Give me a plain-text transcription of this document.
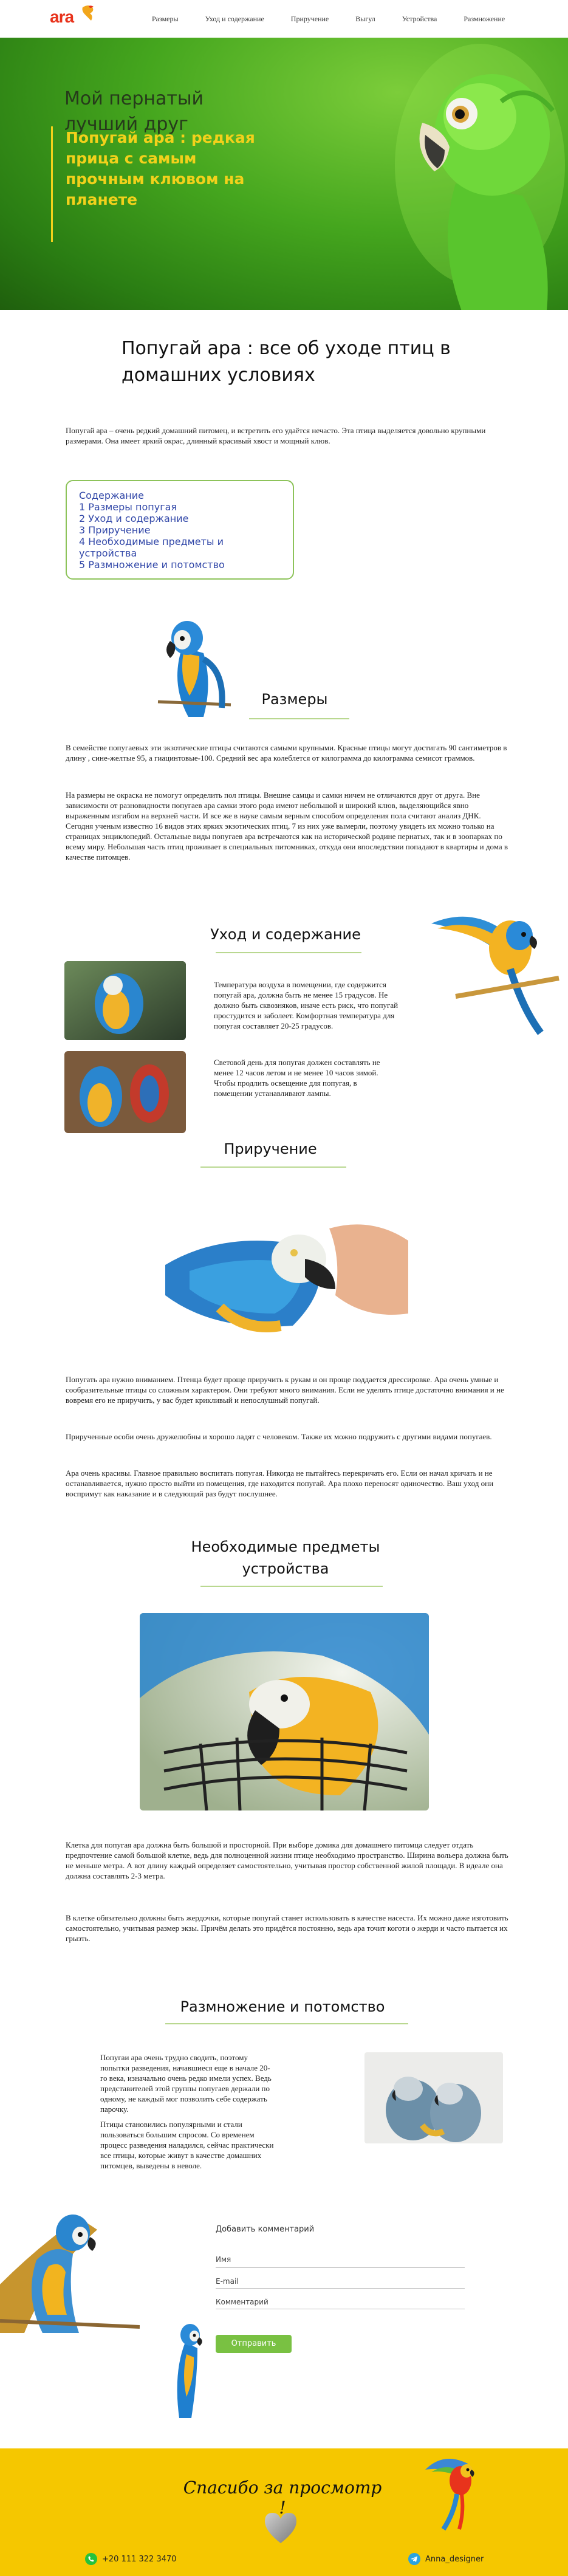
ara	Размеры	Уход и содержание	Приручение	Выгул	Устройства	Размножение
Мой пернатый лучший друг
Попугай ара : редкая прица с самым прочным клювом на планете
Попугай ара : все об уходе птиц в домашних условиях

Попугай ара – очень редкий домашний питомец, и встретить его удаётся нечасто. Эта птица выделяется довольно крупными размерами. Она имеет яркий окрас, длинный красивый хвост и мощный клюв.

Содержание
1 Размеры попугая
2 Уход и содержание
3 Приручение
4 Необходимые предметы и устройства
5 Размножение и потомство
Размеры

В семействе попугаевых эти экзотические птицы считаются самыми крупными. Красные птицы могут достигать 90 сантиметров в длину , сине-желтые 95, а гиацинтовые-100. Средний вес ара колеблется от килограмма до килограмма семисот граммов.

На размеры не окраска не помогут определить пол птицы. Внешне самцы и самки ничем не отличаются друг от друга. Вне зависимости от разновидности попугаев ара самки этого рода имеют небольшой и широкий клюв, выделяющийся явно выраженным изгибом на верхней части. И все же в науке самым верным способом определения пола считают анализ ДНК. Сегодня ученым известно 16 видов этих ярких экзотических птиц, 7 из них уже вымерли, поэтому увидеть их можно только на страницах энциклопедий. Остальные виды попугаев ара встречаются как на исторической родине пернатых, так и в зоопарках по всему миру. Небольшая часть птиц проживает в специальных питомниках, откуда они впоследствии попадают в квартиры и дома в качестве питомцев.

Уход и содержание

Температура воздуха в помещении, где содержится попугай ара, должна быть не менее 15 градусов. Не должно быть сквозняков, иначе есть риск, что попугай простудится и заболеет. Комфортная температура для попугая составляет 20-25 градусов.

Световой день для попугая должен составлять не менее 12 часов летом и не менее 10 часов зимой. Чтобы продлить освещение для попугая, в помещении устанавливают лампы.

Приручение

Попугать ара нужно вниманием. Птенца будет проще приручить к рукам и он проще поддается дрессировке. Ара очень умные и сообразительные птицы со сложным характером. Они требуют много внимания. Если не уделять птице достаточно внимания и не вовремя его не приручить, у вас будет крикливый и непослушный попугай.

Прирученные особи очень дружелюбны и хорошо ладят с человеком. Также их можно подружить с другими видами попугаев.

Ара очень красивы. Главное правильно воспитать попугая. Никогда не пытайтесь перекричать его. Если он начал кричать и не останавливается, нужно просто выйти из помещения, где находится попугай. Ара плохо переносят одиночество. Ваш уход они воспримут как наказание и в следующий раз будут послушнее.

Необходимые предметы устройства

Клетка для попугая ара должна быть большой и просторной. При выборе домика для домашнего питомца следует отдать предпочтение самой большой клетке, ведь для полноценной жизни птице необходимо пространство. Ширина вольера должна быть не меньше метра. А вот длину каждый определяет самостоятельно, учитывая простор собственной жилой площади. В идеале она должна составлять 2-3 метра.

В клетке обязательно должны быть жердочки, которые попугай станет использовать в качестве насеста. Их можно даже изготовить самостоятельно, учитывая размер экзы. Причём делать это придётся постоянно, ведь ара точит коготи о жерди и часто пытается их грызть.

Размножение и потомство

Попугаи ара очень трудно сводить, поэтому попытки разведения, начавшиеся еще в начале 20-го века, изначально очень редко имели успех. Ведь представителей этой группы попугаев держали по одному, не каждый мог позволить себе содержать парочку.

Птицы становились популярными и стали пользоваться большим спросом. Со временем процесс разведения наладился, сейчас практически все птицы, которые живут в качестве домашних питомцев, выведены в неволе.

Добавить комментарий
Имя
E-mail
Комментарий
Отправить
Спасибо за просмотр !
+20 111 322 3470	Anna_designer
